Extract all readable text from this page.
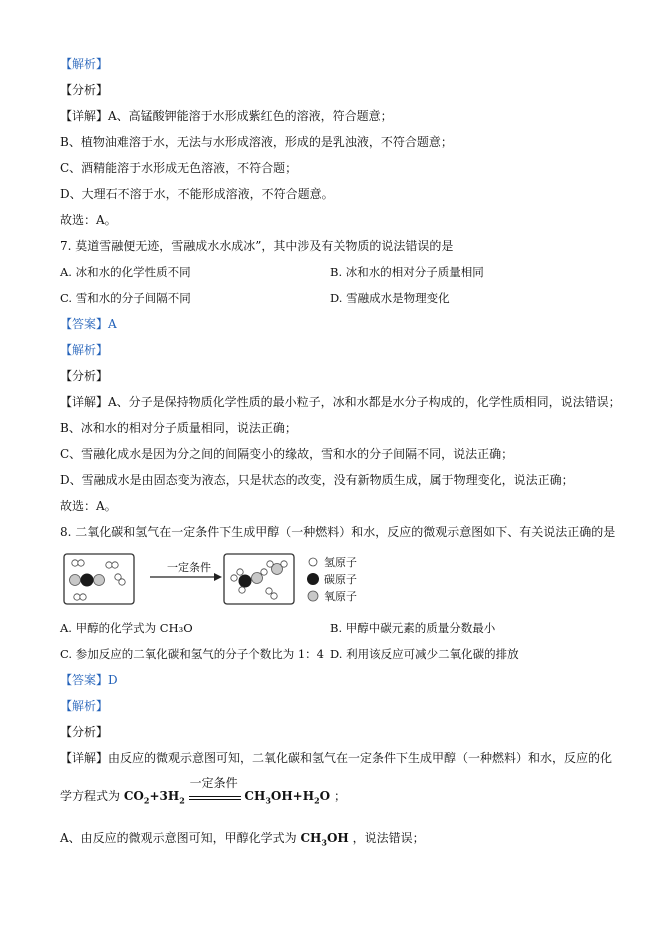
【解析】
【分析】
【详解】A、高锰酸钾能溶于水形成紫红色的溶液，符合题意；
B、植物油难溶于水，无法与水形成溶液，形成的是乳浊液，不符合题意；
C、酒精能溶于水形成无色溶液，不符合题；
D、大理石不溶于水，不能形成溶液，不符合题意。
故选：A。
7. 莫道雪融便无迹，雪融成水水成冰”，其中涉及有关物质的说法错误的是
A. 冰和水的化学性质不同	B. 冰和水的相对分子质量相同
C. 雪和水的分子间隔不同	D. 雪融成水是物理变化
【答案】A
【解析】
【分析】
【详解】A、分子是保持物质化学性质的最小粒子，冰和水都是水分子构成的，化学性质相同，说法错误；
B、冰和水的相对分子质量相同，说法正确；
C、雪融化成水是因为分之间的间隔变小的缘故，雪和水的分子间隔不同，说法正确；
D、雪融成水是由固态变为液态，只是状态的改变，没有新物质生成，属于物理变化，说法正确；
故选：A。
8. 二氧化碳和氢气在一定条件下生成甲醇（一种燃料）和水，反应的微观示意图如下、有关说法正确的是
一定条件	氢原子
碳原子
氧原子
A. 甲醇的化学式为 CH₃O	B. 甲醇中碳元素的质量分数最小
C. 参加反应的二氧化碳和氢气的分子个数比为 1：4 D. 利用该反应可减少二氧化碳的排放
【答案】D
【解析】
【分析】
【详解】由反应的微观示意图可知，二氧化碳和氢气在一定条件下生成甲醇（一种燃料）和水，反应的化
学方程式为 $CO_2+3H_2$
一定条件
$CH_3OH+H_2O$ ；
A、由反应的微观示意图可知，甲醇化学式为 $CH_3OH$ ，说法错误；
